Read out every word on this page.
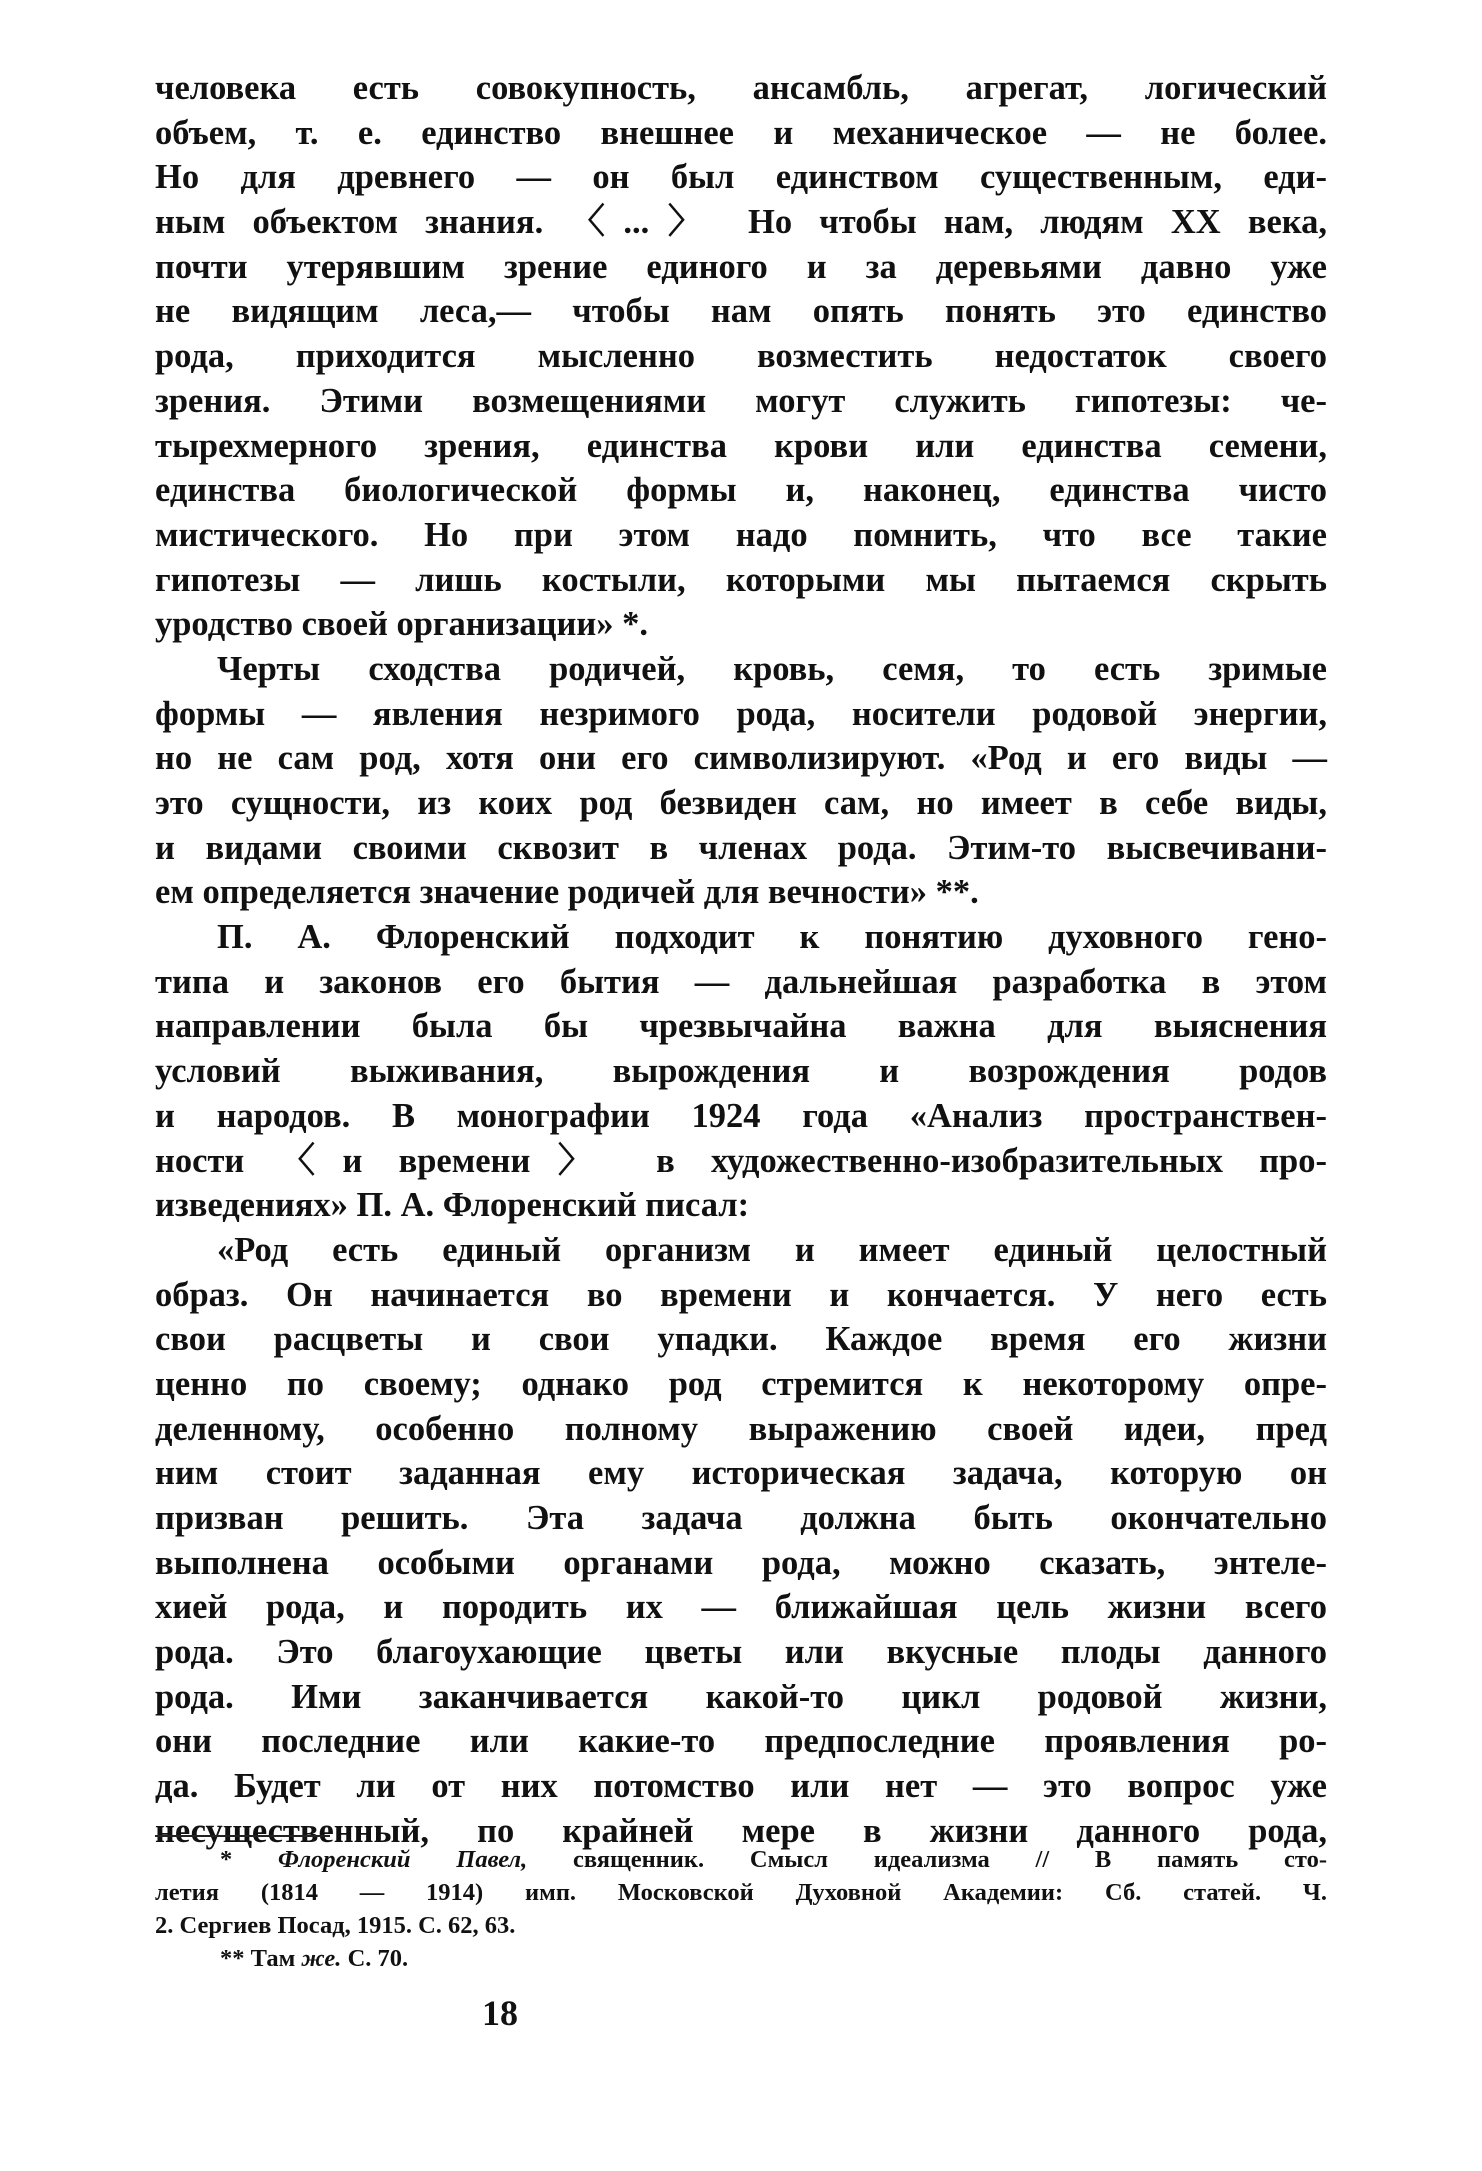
человека есть совокупность, ансамбль, агрегат, логический
объем, т. е. единство внешнее и механическое — не более.
Но для древнего — он был единством существенным, еди-
ным объектом знания. 〈...〉 Но чтобы нам, людям XX века,
почти утерявшим зрение единого и за деревьями давно уже
не видящим леса,— чтобы нам опять понять это единство
рода, приходится мысленно возместить недостаток своего
зрения. Этими возмещениями могут служить гипотезы: че-
тырехмерного зрения, единства крови или единства семени,
единства биологической формы и, наконец, единства чисто
мистического. Но при этом надо помнить, что все такие
гипотезы — лишь костыли, которыми мы пытаемся скрыть
уродство своей организации» *.
Черты сходства родичей, кровь, семя, то есть зримые
формы — явления незримого рода, носители родовой энергии,
но не сам род, хотя они его символизируют. «Род и его виды —
это сущности, из коих род безвиден сам, но имеет в себе виды,
и видами своими сквозит в членах рода. Этим-то высвечивани-
ем определяется значение родичей для вечности» **.
П. А. Флоренский подходит к понятию духовного гено-
типа и законов его бытия — дальнейшая разработка в этом
направлении была бы чрезвычайна важна для выяснения
условий выживания, вырождения и возрождения родов
и народов. В монографии 1924 года «Анализ пространствен-
ности 〈и времени〉 в художественно-изобразительных про-
изведениях» П. А. Флоренский писал:
«Род есть единый организм и имеет единый целостный
образ. Он начинается во времени и кончается. У него есть
свои расцветы и свои упадки. Каждое время его жизни
ценно по своему; однако род стремится к некоторому опре-
деленному, особенно полному выражению своей идеи, пред
ним стоит заданная ему историческая задача, которую он
призван решить. Эта задача должна быть окончательно
выполнена особыми органами рода, можно сказать, энтеле-
хией рода, и породить их — ближайшая цель жизни всего
рода. Это благоухающие цветы или вкусные плоды данного
рода. Ими заканчивается какой-то цикл родовой жизни,
они последние или какие-то предпоследние проявления ро-
да. Будет ли от них потомство или нет — это вопрос уже
несущественный, по крайней мере в жизни данного рода,
* Флоренский Павел, священник. Смысл идеализма // В память сто-
летия (1814 — 1914) имп. Московской Духовной Академии: Сб. статей. Ч.
2. Сергиев Посад, 1915. С. 62, 63.
** Там же. С. 70.
18
